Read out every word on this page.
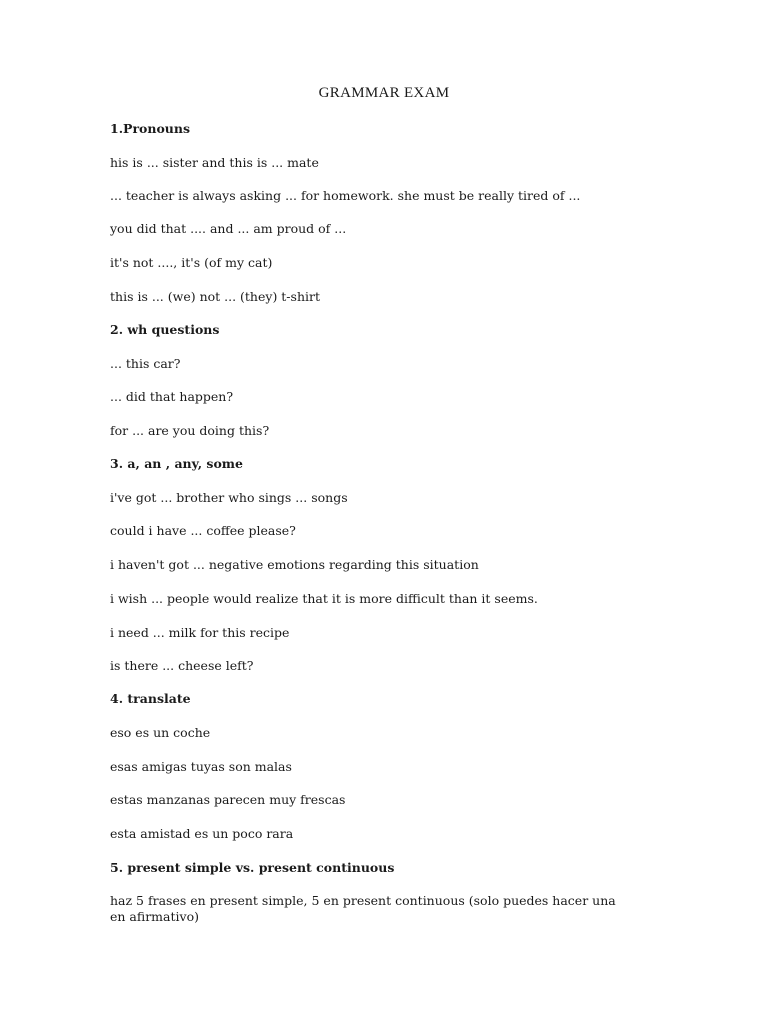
GRAMMAR EXAM
1.Pronouns
his is ... sister and this is ... mate
... teacher is always asking ... for homework. she must be really tired of ...
you did that .... and ... am proud of ...
it's not ...., it's (of my cat)
this is ... (we) not ... (they) t-shirt
2. wh questions
... this car?
... did that happen?
for ... are you doing this?
3. a, an , any, some
i've got ... brother who sings ... songs
could i have ... coffee please?
i haven't got ... negative emotions regarding this situation
i wish ... people would realize that it is more difficult than it seems.
i need ... milk for this recipe
is there ... cheese left?
4. translate
eso es un coche
esas amigas tuyas son malas
estas manzanas parecen muy frescas
esta amistad es un poco rara
5. present simple vs. present continuous
haz 5 frases en present simple, 5 en present continuous (solo puedes hacer una en afirmativo)
